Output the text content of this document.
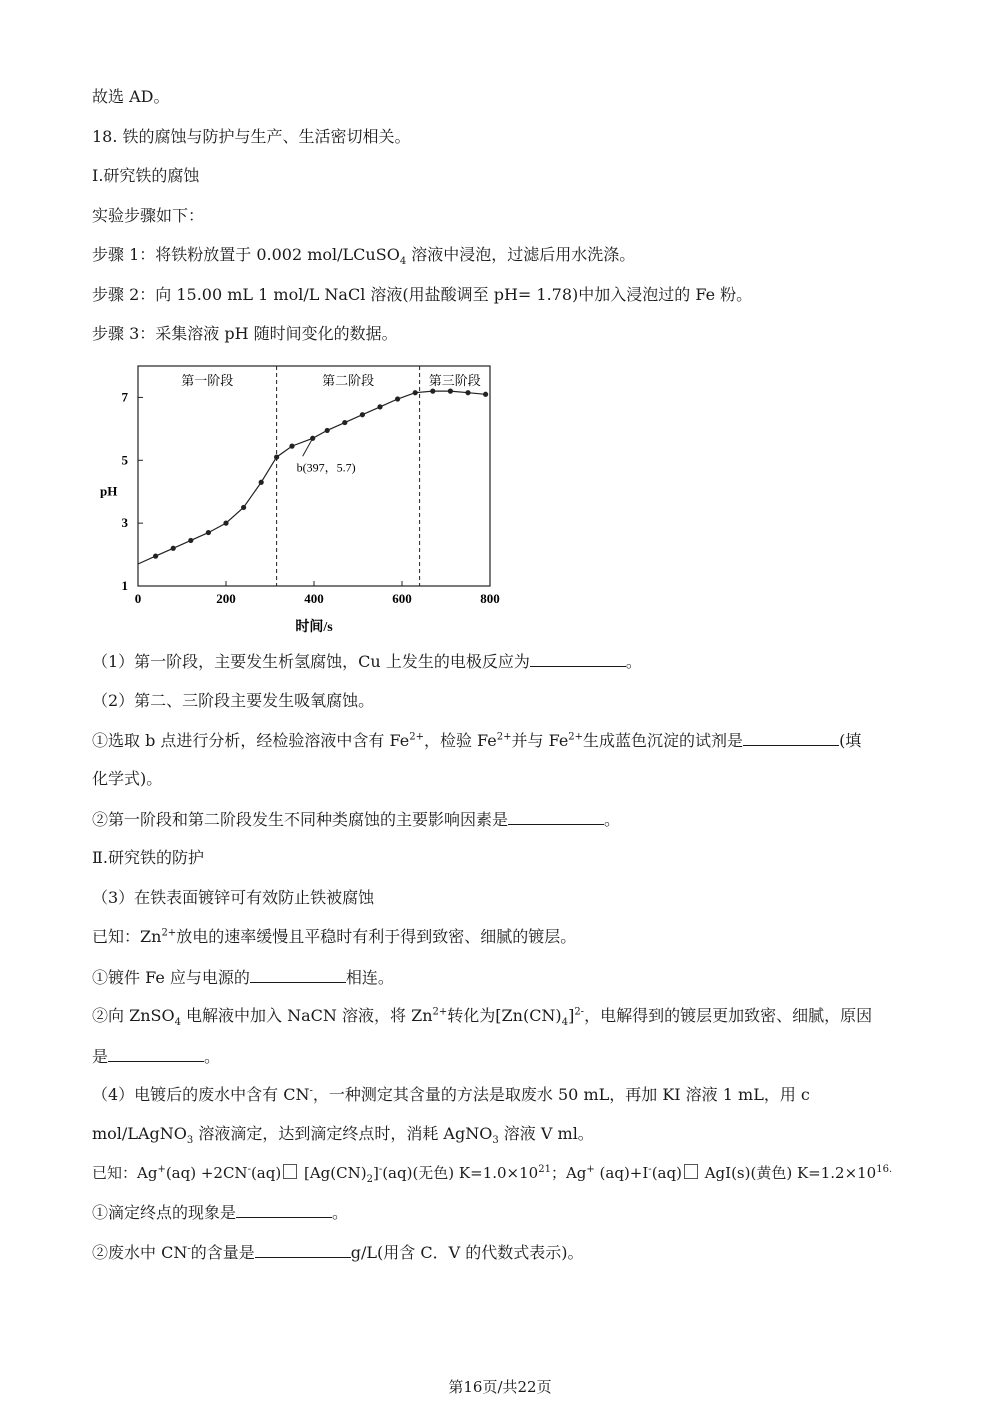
故选 AD。
18. 铁的腐蚀与防护与生产、生活密切相关。
Ⅰ.研究铁的腐蚀
实验步骤如下：
步骤 1：将铁粉放置于 0.002 mol/LCuSO$_4$ 溶液中浸泡，过滤后用水洗涤。
步骤 2：向 15.00 mL 1 mol/L NaCl 溶液(用盐酸调至 pH= 1.78)中加入浸泡过的 Fe 粉。
步骤 3：采集溶液 pH 随时间变化的数据。
0	200	400	600	800
1
3
5
7
时间/s
pH
第一阶段	第二阶段	第三阶段
b(397，5.7)
（1）第一阶段，主要发生析氢腐蚀，Cu 上发生的电极反应为	。
（2）第二、三阶段主要发生吸氧腐蚀。
①选取 b 点进行分析，经检验溶液中含有 $Fe^{2+}$，检验 $Fe^{2+}$并与 $Fe^{2+}$生成蓝色沉淀的试剂是	(填
化学式)。
②第一阶段和第二阶段发生不同种类腐蚀的主要影响因素是	。
Ⅱ.研究铁的防护
（3）在铁表面镀锌可有效防止铁被腐蚀
已知：$Zn^{2+}$放电的速率缓慢且平稳时有利于得到致密、细腻的镀层。
①镀件 Fe 应与电源的	相连。
②向 ZnSO$_4$ 电解液中加入 NaCN 溶液，将 $Zn^{2+}$转化为$[Zn(CN)_4]^{2-}$，电解得到的镀层更加致密、细腻，原因
是	。
（4）电镀后的废水中含有 CN-，一种测定其含量的方法是取废水 50 mL，再加 KI 溶液 1 mL，用 c
mol/LAgNO$_3$ 溶液滴定，达到滴定终点时，消耗 AgNO$_3$ 溶液 V ml。
已知：Ag+(aq) +2CN-(aq) $[Ag(CN)_2]^-(aq)$(无色) $K=1.0\times 10^{21}$；Ag+ (aq)+I-(aq) AgI(s)(黄色) $K=1.2\times 10^{16.}$
①滴定终点的现象是	。
②废水中 CN-的含量是	g/L(用含 C．V 的代数式表示)。
第16页/共22页
